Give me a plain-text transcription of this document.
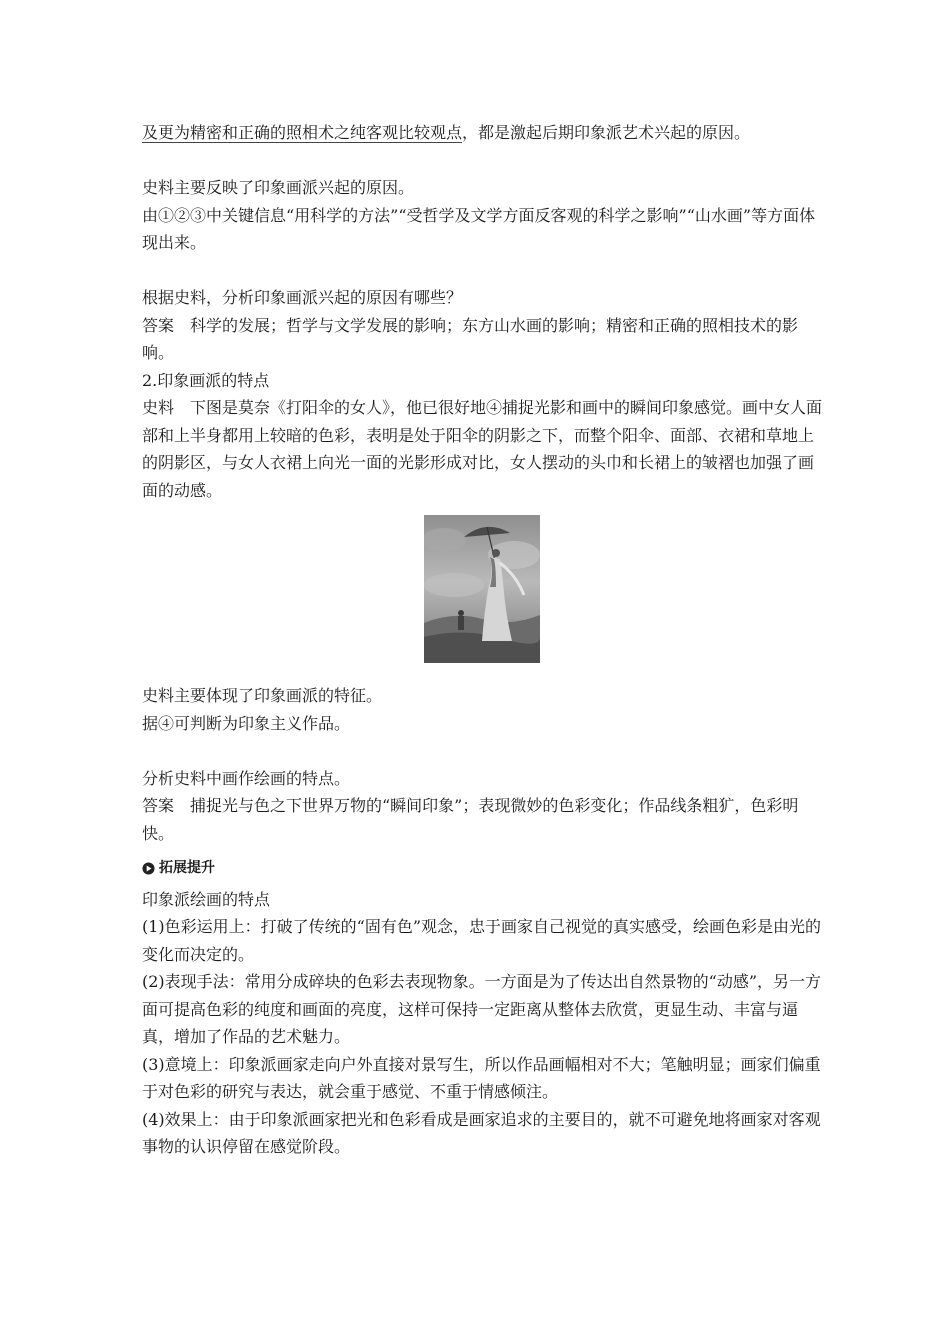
及更为精密和正确的照相术之纯客观比较观点，都是激起后期印象派艺术兴起的原因。

史料主要反映了印象画派兴起的原因。

由①②③中关键信息“用科学的方法”“受哲学及文学方面反客观的科学之影响”“山水画”等方面体现出来。

根据史料，分析印象画派兴起的原因有哪些？

答案　科学的发展；哲学与文学发展的影响；东方山水画的影响；精密和正确的照相技术的影响。

2.印象画派的特点

史料　下图是莫奈《打阳伞的女人》，他已很好地④捕捉光影和画中的瞬间印象感觉。画中女人面部和上半身都用上较暗的色彩，表明是处于阳伞的阴影之下，而整个阳伞、面部、衣裙和草地上的阴影区，与女人衣裙上向光一面的光影形成对比，女人摆动的头巾和长裙上的皱褶也加强了画面的动感。

史料主要体现了印象画派的特征。

据④可判断为印象主义作品。

分析史料中画作绘画的特点。

答案　捕捉光与色之下世界万物的“瞬间印象”；表现微妙的色彩变化；作品线条粗犷，色彩明快。

拓展提升

印象派绘画的特点

(1)色彩运用上：打破了传统的“固有色”观念，忠于画家自己视觉的真实感受，绘画色彩是由光的变化而决定的。

(2)表现手法：常用分成碎块的色彩去表现物象。一方面是为了传达出自然景物的“动感”，另一方面可提高色彩的纯度和画面的亮度，这样可保持一定距离从整体去欣赏，更显生动、丰富与逼真，增加了作品的艺术魅力。

(3)意境上：印象派画家走向户外直接对景写生，所以作品画幅相对不大；笔触明显；画家们偏重于对色彩的研究与表达，就会重于感觉、不重于情感倾注。

(4)效果上：由于印象派画家把光和色彩看成是画家追求的主要目的，就不可避免地将画家对客观事物的认识停留在感觉阶段。
